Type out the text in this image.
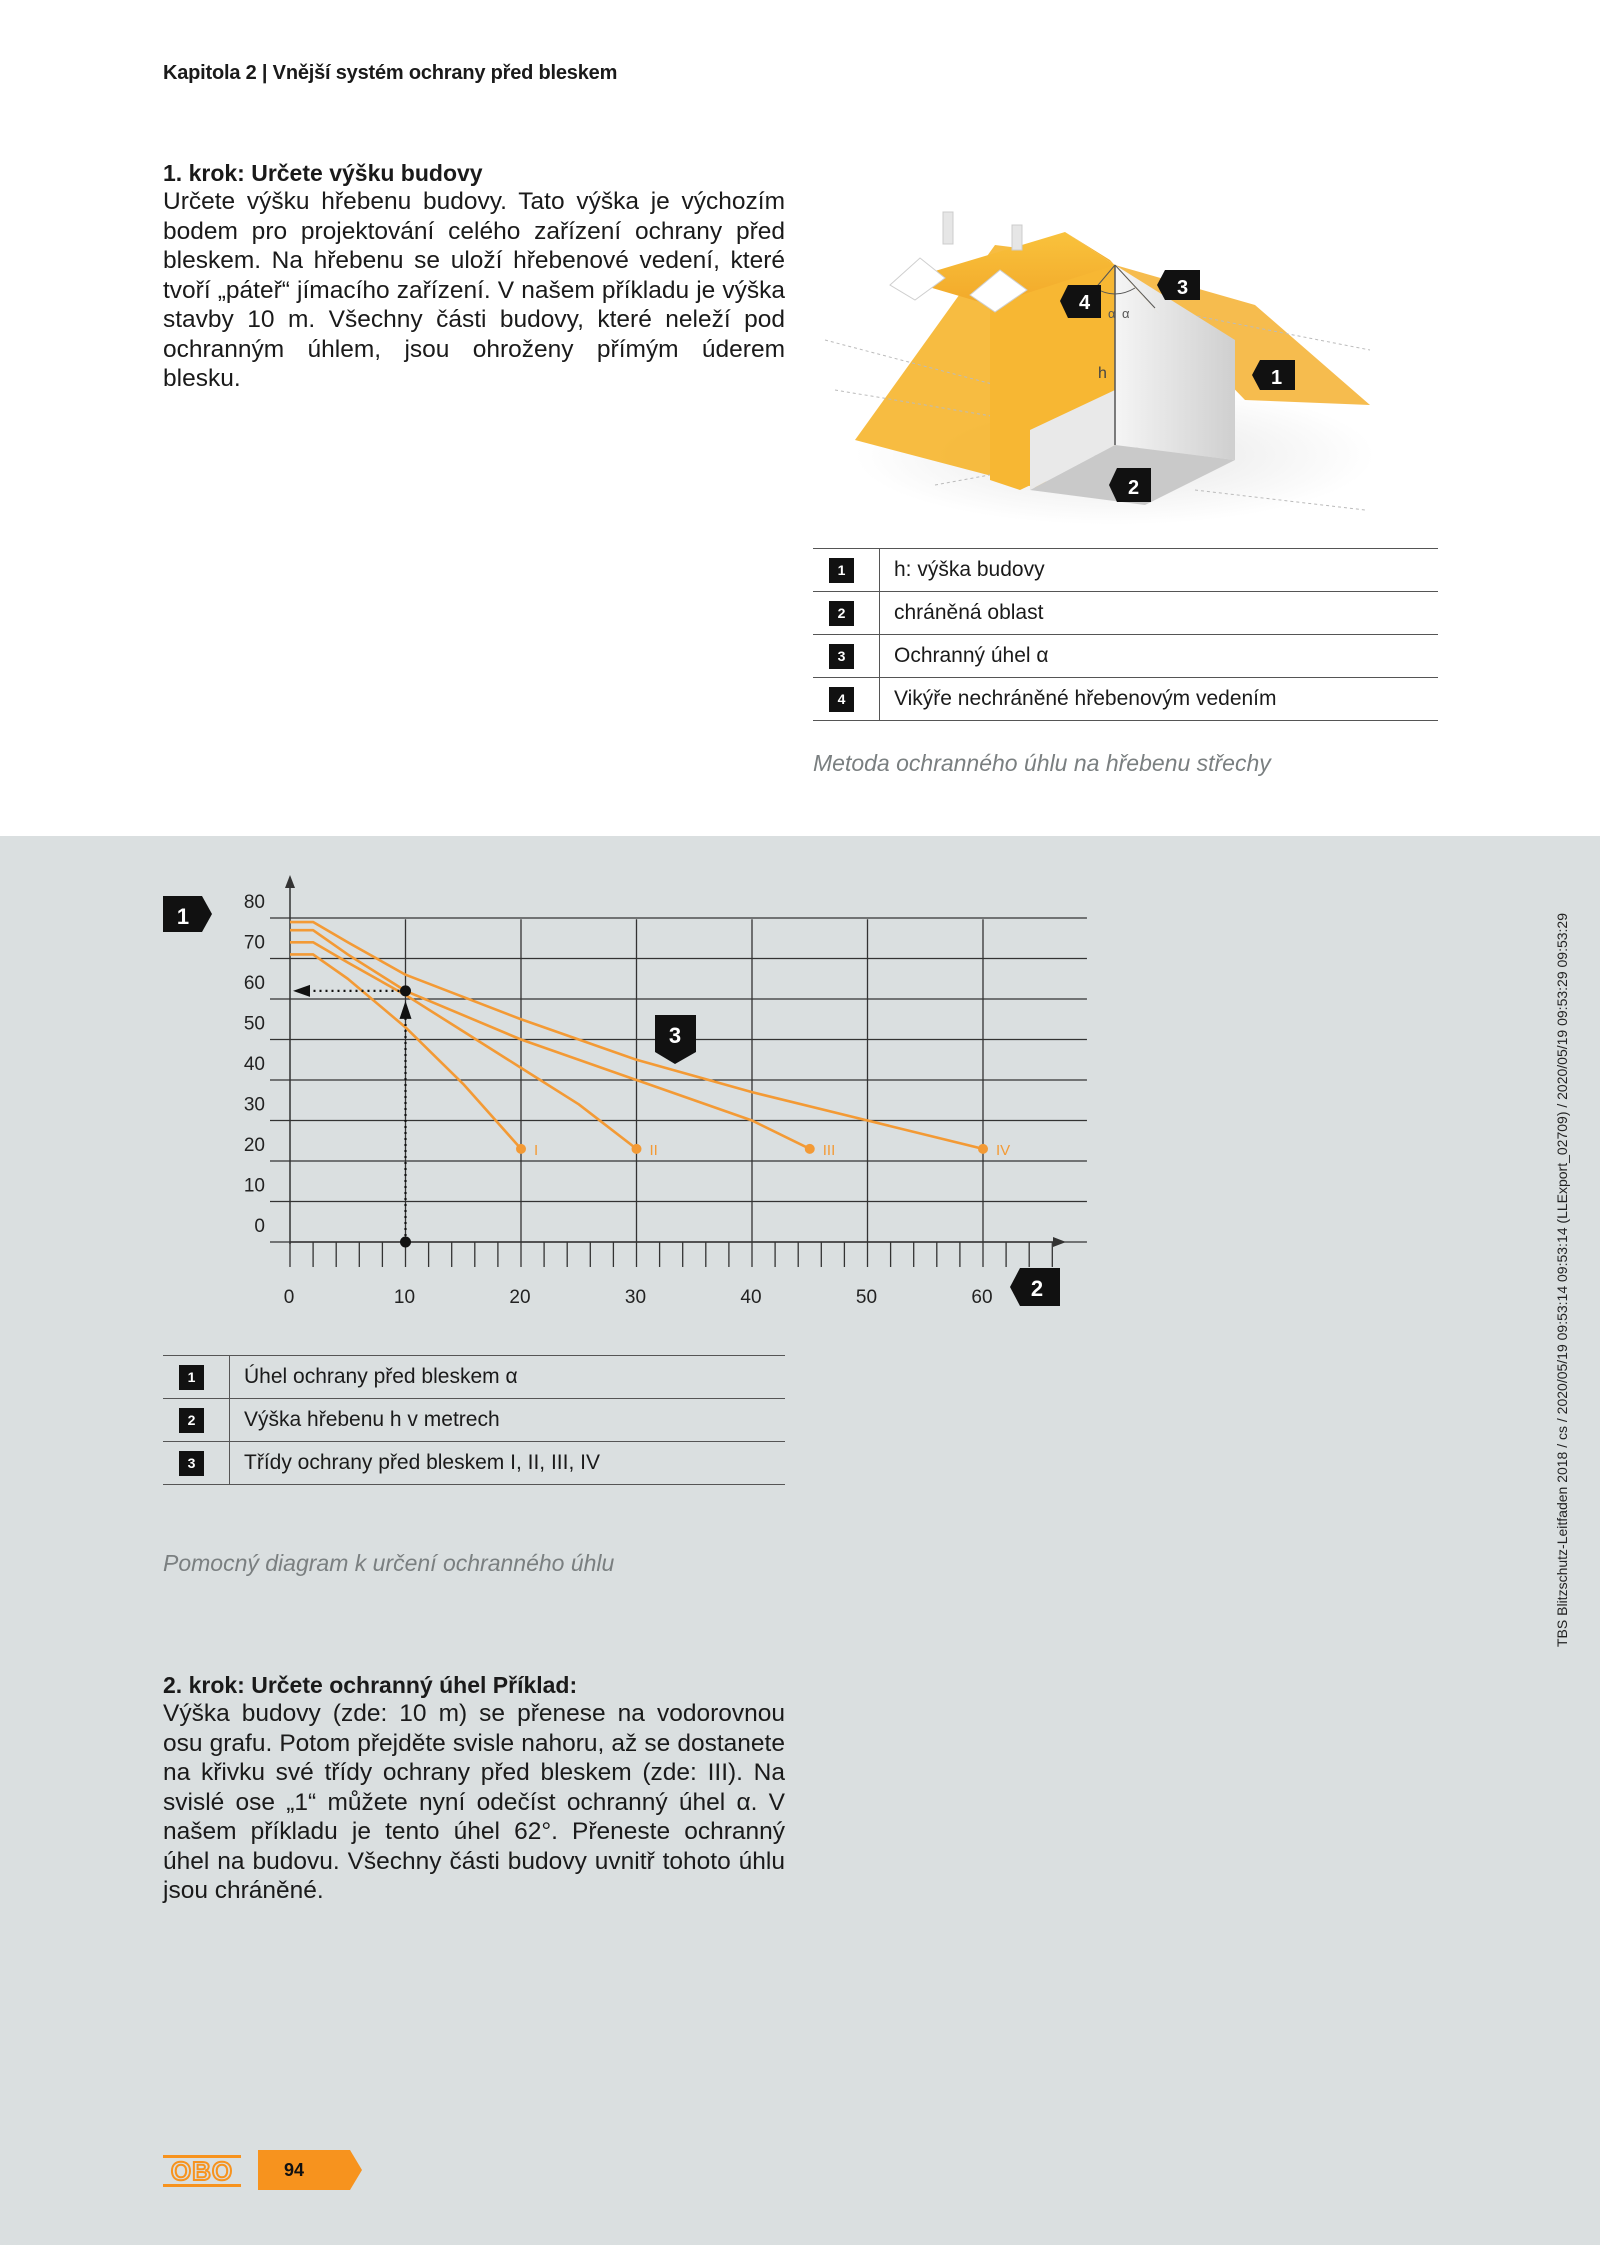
Kapitola 2 | Vnější systém ochrany před bleskem
1. krok: Určete výšku budovy

Určete výšku hřebenu budovy. Tato výška je výchozím bodem pro projektování celého zařízení ochrany před bleskem. Na hřebenu se uloží hřebenové vedení, které tvoří „páteř“ jímacího zařízení. V našem příkladu je výška stavby 10 m. Všechny části budovy, které neleží pod ochranným úhlem, jsou ohroženy přímým úderem blesku.

α α
h
4
3
1
2
1	h: výška budovy
2	chráněná oblast
3	Ochranný úhel α
4	Vikýře nechráněné hřebenovým vedením
Metoda ochranného úhlu na hřebenu střechy
0
10
20
30
40
50
60
70
80
0	10	20	30	40	50	60
I	II	III	IV
1
2
3
1	Úhel ochrany před bleskem α
2	Výška hřebenu h v metrech
3	Třídy ochrany před bleskem I, II, III, IV
Pomocný diagram k určení ochranného úhlu
2. krok: Určete ochranný úhel Příklad:

Výška budovy (zde: 10 m) se přenese na vodorovnou osu grafu. Potom přejděte svisle nahoru, až se dostanete na křivku své třídy ochrany před bleskem (zde: III). Na svislé ose „1“ můžete nyní odečíst ochranný úhel α. V našem příkladu je tento úhel 62°. Přeneste ochranný úhel na budovu. Všechny části budovy uvnitř tohoto úhlu jsou chráněné.

TBS Blitzschutz-Leitfaden 2018 / cs / 2020/05/19 09:53:14 09:53:14 (LLExport_02709) / 2020/05/19 09:53:29 09:53:29
OBO	94
